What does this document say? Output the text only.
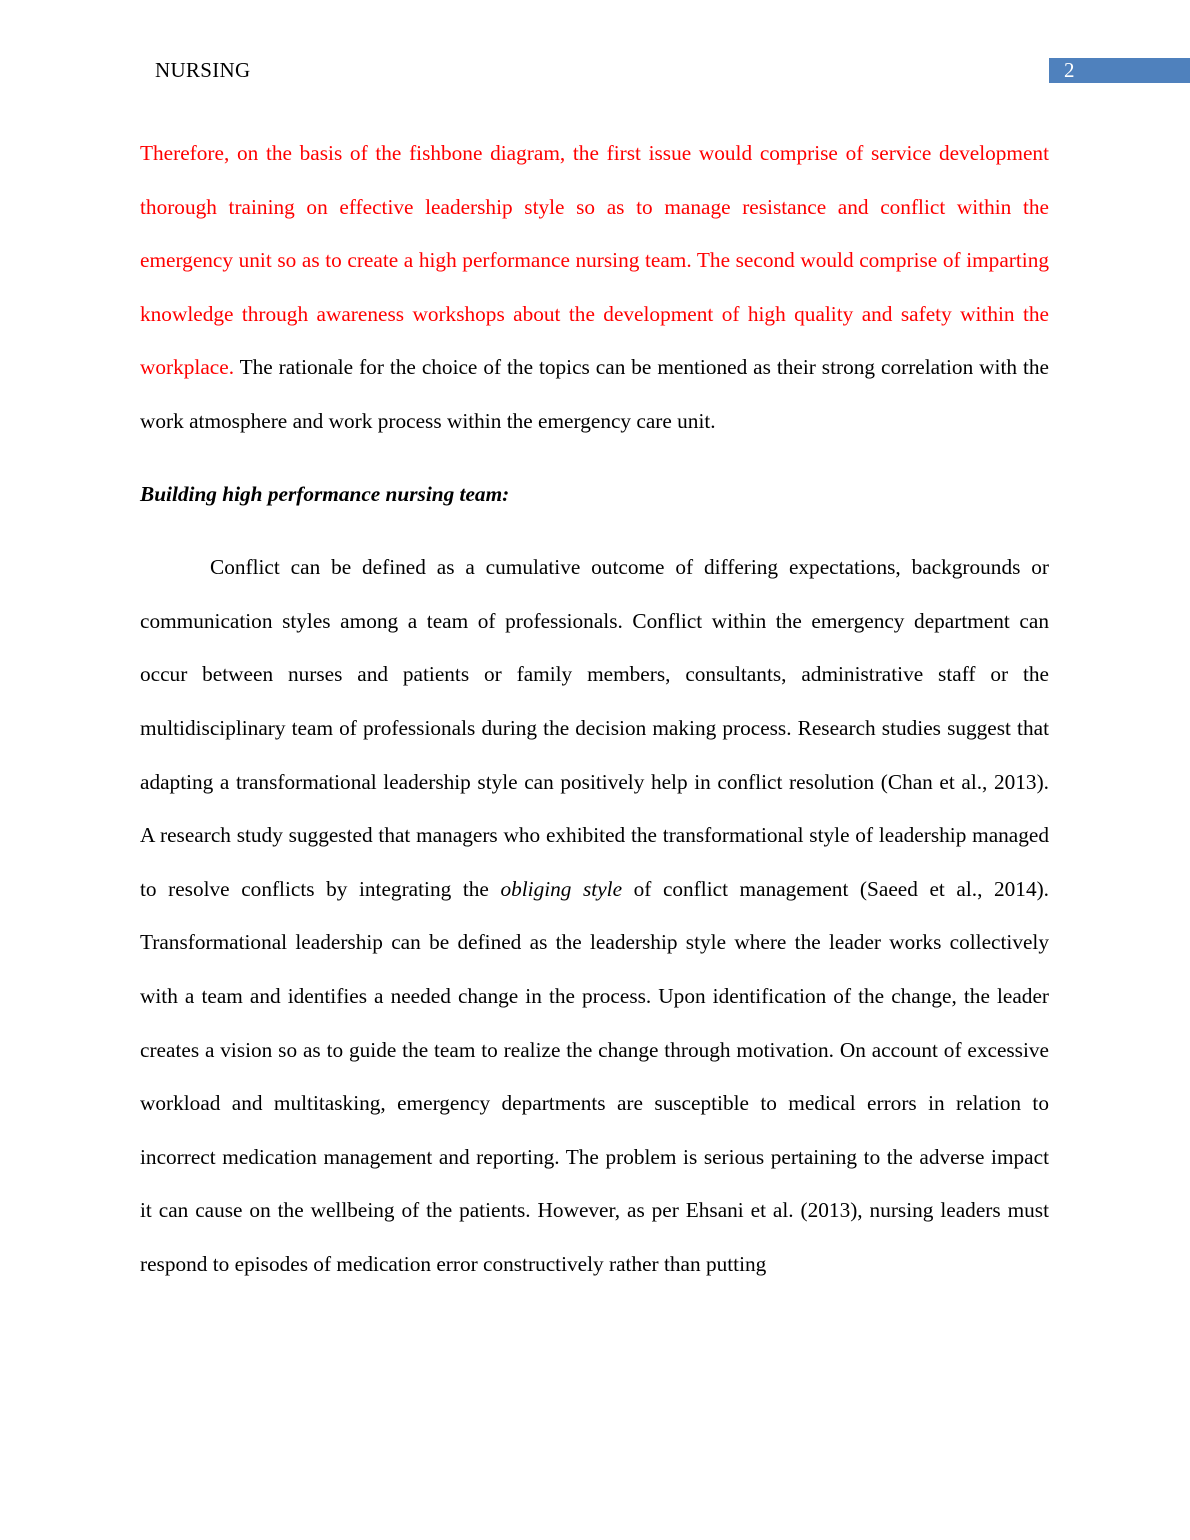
NURSING	2

Therefore, on the basis of the fishbone diagram, the first issue would comprise of service development thorough training on effective leadership style so as to manage resistance and conflict within the emergency unit so as to create a high performance nursing team. The second would comprise of imparting knowledge through awareness workshops about the development of high quality and safety within the workplace. The rationale for the choice of the topics can be mentioned as their strong correlation with the work atmosphere and work process within the emergency care unit.

Building high performance nursing team:

Conflict can be defined as a cumulative outcome of differing expectations, backgrounds or communication styles among a team of professionals. Conflict within the emergency department can occur between nurses and patients or family members, consultants, administrative staff or the multidisciplinary team of professionals during the decision making process. Research studies suggest that adapting a transformational leadership style can positively help in conflict resolution (Chan et al., 2013). A research study suggested that managers who exhibited the transformational style of leadership managed to resolve conflicts by integrating the obliging style of conflict management (Saeed et al., 2014). Transformational leadership can be defined as the leadership style where the leader works collectively with a team and identifies a needed change in the process. Upon identification of the change, the leader creates a vision so as to guide the team to realize the change through motivation. On account of excessive workload and multitasking, emergency departments are susceptible to medical errors in relation to incorrect medication management and reporting. The problem is serious pertaining to the adverse impact it can cause on the wellbeing of the patients. However, as per Ehsani et al. (2013), nursing leaders must respond to episodes of medication error constructively rather than putting
